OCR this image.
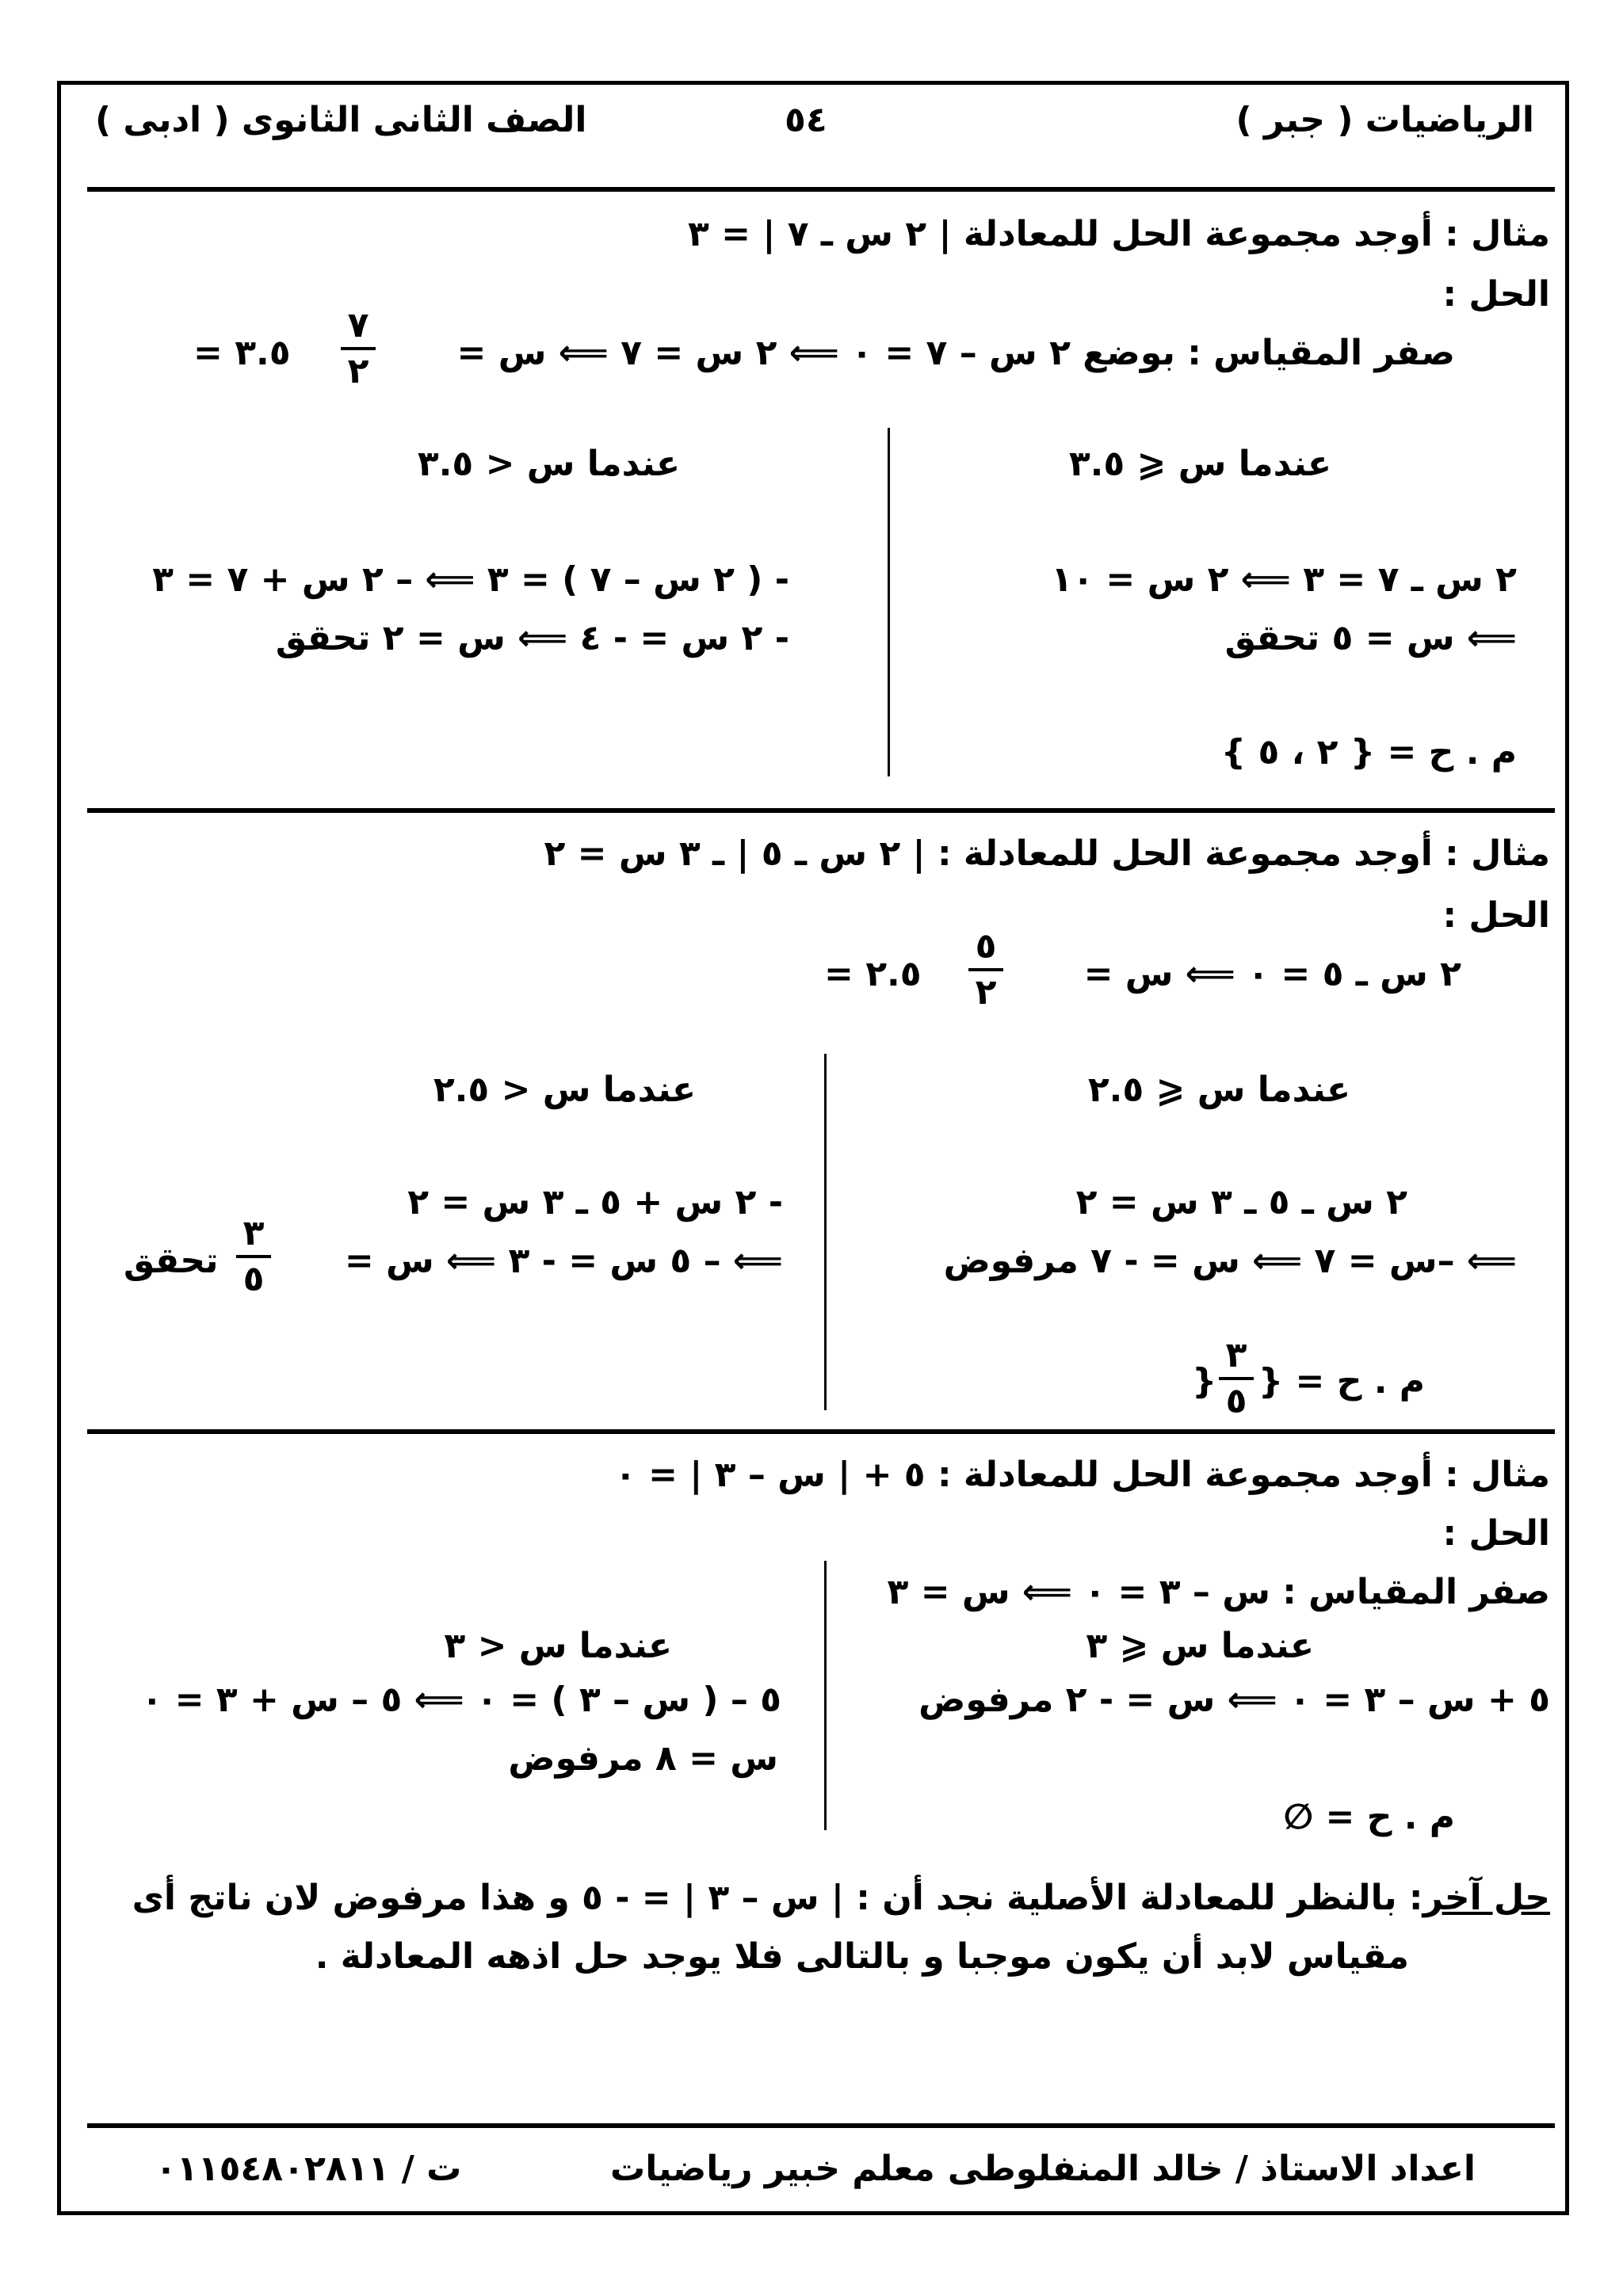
الرياضيات ( جبر )
٥٤
الصف الثانى الثانوى ( ادبى )
مثال : أوجد مجموعة الحل للمعادلة | ٢ س ـ ٧ | = ٣
الحل :
صفر المقياس : بوضع ٢ س – ٧ = ٠ ⟸ ٢ س = ٧ ⟸ س =
٧
٢
= ٣.٥
عندما س ⩽ ٣.٥
٢ س ـ ٧ = ٣ ⟸ ٢ س = ١٠
⟸ س = ٥ تحقق
م . ح = { ٢ ، ٥ }
عندما س < ٣.٥
- ( ٢ س – ٧ ) = ٣ ⟸ – ٢ س + ٧ = ٣
- ٢ س = - ٤ ⟸ س = ٢ تحقق
مثال : أوجد مجموعة الحل للمعادلة : | ٢ س ـ ٥ | ـ ٣ س = ٢
الحل :
٢ س ـ ٥ = ٠ ⟸ س =
٥
٢
= ٢.٥
عندما س ⩽ ٢.٥
٢ س ـ ٥ ـ ٣ س = ٢
⟸ –س = ٧ ⟸ س = - ٧ مرفوض
م . ح = {
٣
٥
}
عندما س < ٢.٥
- ٢ س + ٥ ـ ٣ س = ٢
⟸ – ٥ س = - ٣ ⟸ س =
٣
٥
تحقق
مثال : أوجد مجموعة الحل للمعادلة : ٥ + | س – ٣ | = ٠
الحل :
صفر المقياس : س – ٣ = ٠ ⟸ س = ٣
عندما س ⩽ ٣
٥ + س – ٣ = ٠ ⟸ س = - ٢ مرفوض
م . ح = ∅
عندما س < ٣
٥ – ( س – ٣ ) = ٠ ⟸ ٥ – س + ٣ = ٠
س = ٨ مرفوض
حل آخر: بالنظر للمعادلة الأصلية نجد أن : | س – ٣ | = - ٥ و هذا مرفوض لان ناتج أى
مقياس لابد أن يكون موجبا و بالتالى فلا يوجد حل اذهه المعادلة .
اعداد الاستاذ / خالد المنفلوطى
معلم خبير رياضيات
ت / ٠١١٥٤٨٠٢٨١١
